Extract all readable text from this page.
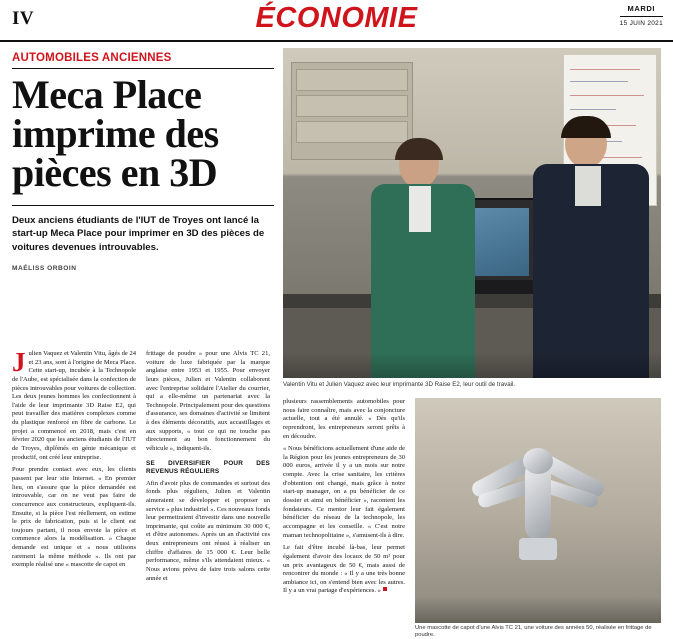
IV	ÉCONOMIE	MARDI
15 JUIN 2021
AUTOMOBILES ANCIENNES
Meca Place imprime des pièces en 3D
Deux anciens étudiants de l'IUT de Troyes ont lancé la start-up Meca Place pour imprimer en 3D des pièces de voitures devenues introuvables.
MAÉLISS ORBOIN
Valentin Vitu et Julien Vaquez avec leur imprimante 3D Raise E2, leur outil de travail.

J ulien Vaquez et Valentin Vitu, âgés de 24 et 23 ans, sont à l'origine de Meca Place. Cette start-up, incubée à la Technopole de l'Aube, est spécialisée dans la confection de pièces introuvables pour voitures de collection. Les deux jeunes hommes les confectionnent à l'aide de leur imprimante 3D Raise E2, qui peut travailler des matières complexes comme du plastique renforcé en fibre de carbone. Le projet a commencé en 2018, mais c'est en février 2020 que les anciens étudiants de l'IUT de Troyes, diplômés en génie mécanique et productif, ont créé leur entreprise.

Pour prendre contact avec eux, les clients passent par leur site Internet. « En premier lieu, on s'assure que la pièce demandée est introuvable, car on ne veut pas faire de concurrence aux constructeurs, expliquent-ils. Ensuite, si la pièce l'est réellement, on estime le prix de fabrication, puis si le client est toujours partant, il nous envoie la pièce et commence alors la modélisation. » Chaque demande est unique et « nous utilisons rarement la même méthode ». Ils ont par exemple réalisé une « mascotte de capot en

frittage de poudre » pour une Alvis TC 21, voiture de luxe fabriquée par la marque anglaise entre 1953 et 1955. Pour envoyer leurs pièces, Julien et Valentin collaborent avec l'entreprise solidaire l'Atelier du courrier, qui a elle-même un partenariat avec la Technopole. Principalement pour des questions d'assurance, ses domaines d'activité se limitent à des éléments décoratifs, aux accastillages et aux supports, « tout ce qui ne touche pas directement au bon fonctionnement du véhicule », indiquent-ils.

SE DIVERSIFIER POUR DES REVENUS RÉGULIERS

Afin d'avoir plus de commandes et surtout des fonds plus réguliers, Julien et Valentin aimeraient se développer et proposer un service « plus industriel ». Ces nouveaux fonds leur permettraient d'investir dans une nouvelle imprimante, qui coûte au minimum 30 000 €, et d'être autonomes. Après un an d'activité ces deux entrepreneurs ont réussi à réaliser un chiffre d'affaires de 15 000 €. Leur belle performance, même s'ils attendaient mieux. « Nous avions prévu de faire trois salons cette année et

plusieurs rassemblements automobiles pour nous faire connaître, mais avec la conjoncture actuelle, tout a été annulé. « Dès qu'ils reprendront, les entrepreneurs seront prêts à en découdre.

« Nous bénéficions actuellement d'une aide de la Région pour les jeunes entrepreneurs de 30 000 euros, arrivée il y a un mois sur notre compte. Avec la crise sanitaire, les critères d'obtention ont changé, mais grâce à notre start-up manager, on a pu bénéficier de ce dossier et ainsi en bénéficier », racontent les fondateurs. Ce mentor leur fait également bénéficier du réseau de la technopole, les accompagne et les conseille. « C'est notre maman technopolitaine », s'amusent-ils à dire.

Le fait d'être incubé là-bas, leur permet également d'avoir des locaux de 50 m² pour un prix avantageux de 50 €, mais aussi de rencontrer du monde : « Il y a une très bonne ambiance ici, on s'entend bien avec les autres. Il y a un vrai partage d'expériences. »

Une mascotte de capot d'une Alvis TC 21, une voiture des années 50, réalisée en frittage de poudre.
